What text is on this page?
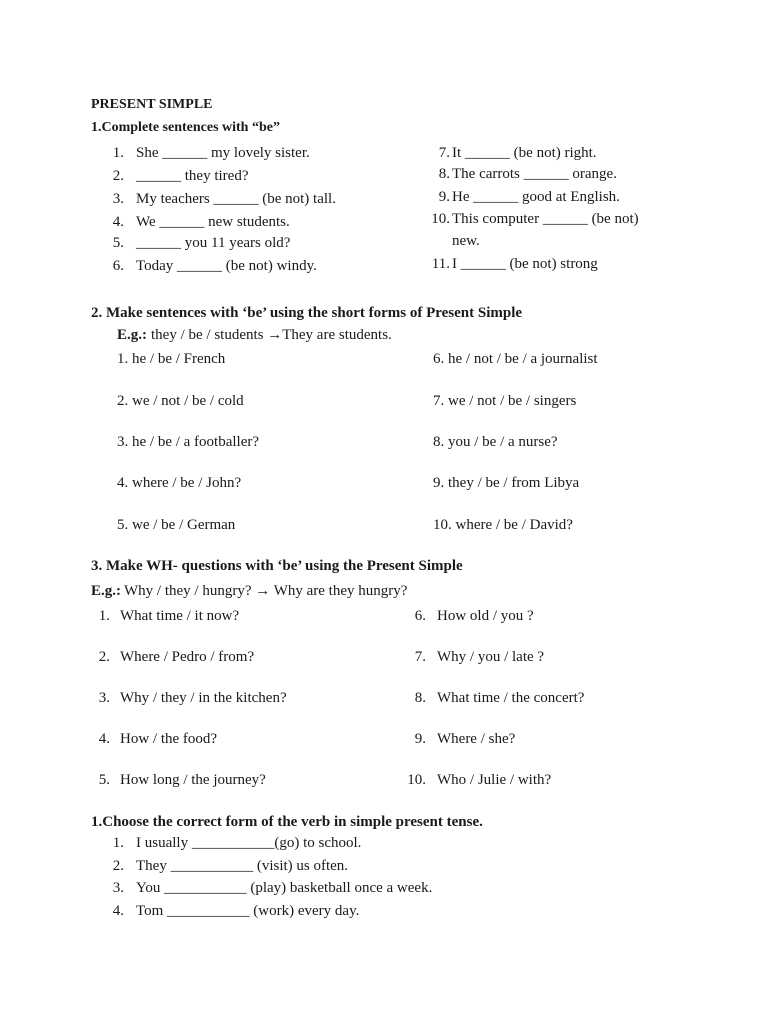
PRESENT SIMPLE
1.Complete sentences with “be”
1. She ______ my lovely sister.
2. ______ they tired?
3. My teachers ______ (be not) tall.
4. We ______ new students.
5. ______ you 11 years old?
6. Today ______ (be not) windy.
7. It ______ (be not) right.
8. The carrots ______ orange.
9. He ______ good at English.
10. This computer ______ (be not)
new.
11. I ______ (be not) strong
2. Make sentences with ‘be’ using the short forms of Present Simple
E.g.: they / be / students →They are students.
1. he / be / French
2. we / not / be / cold
3. he / be / a footballer?
4. where / be / John?
5. we / be / German
6. he / not / be / a journalist
7. we / not / be / singers
8. you / be / a nurse?
9. they / be / from Libya
10. where / be / David?
3. Make WH- questions with ‘be’ using the Present Simple
E.g.: Why / they / hungry? → Why are they hungry?
1. What time / it now?
2. Where / Pedro / from?
3. Why / they / in the kitchen?
4. How / the food?
5. How long / the journey?
6. How old / you ?
7. Why / you / late ?
8. What time / the concert?
9. Where / she?
10. Who / Julie / with?
1.Choose the correct form of the verb in simple present tense.
1. I usually ___________(go) to school.
2. They ___________ (visit) us often.
3. You ___________ (play) basketball once a week.
4. Tom ___________ (work) every day.
